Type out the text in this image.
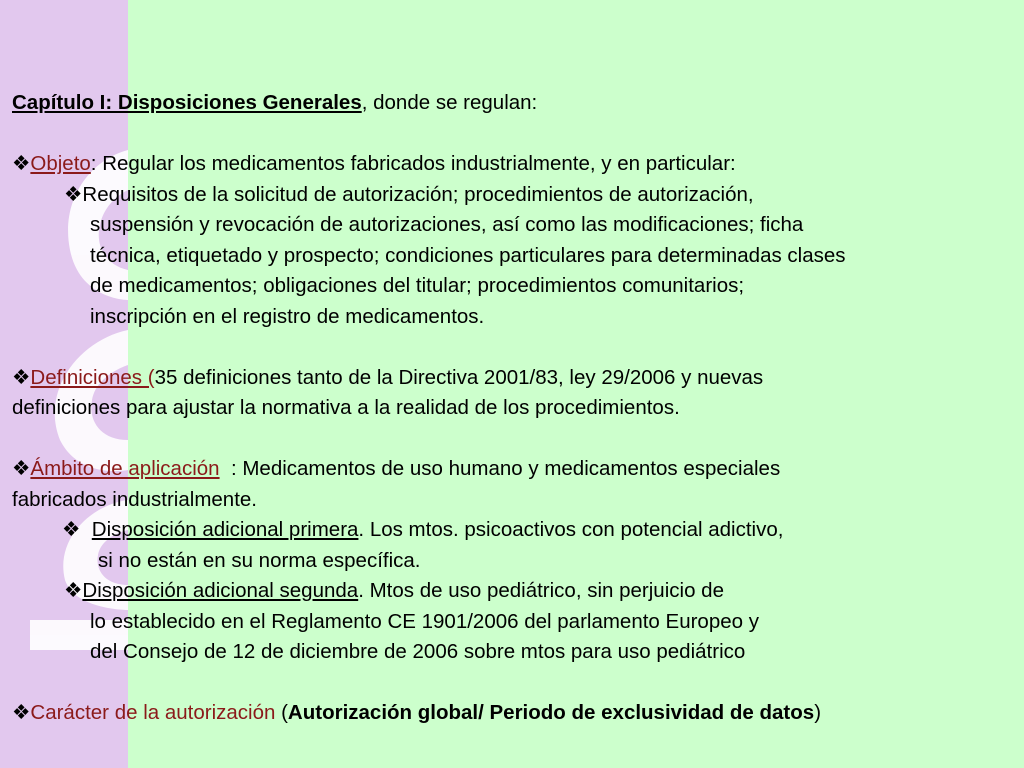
Capítulo I: Disposiciones Generales, donde se regulan:
❖Objeto: Regular los medicamentos fabricados industrialmente, y en particular:
❖Requisitos de la solicitud de autorización; procedimientos de autorización,
suspensión y revocación de autorizaciones, así como las modificaciones; ficha
técnica, etiquetado y prospecto; condiciones particulares para determinadas clases
de medicamentos; obligaciones del titular; procedimientos comunitarios;
inscripción en el registro de medicamentos.
❖Definiciones (35 definiciones tanto de la Directiva 2001/83, ley 29/2006 y nuevas
definiciones para ajustar la normativa a la realidad de los procedimientos.
❖Ámbito de aplicación  : Medicamentos de uso humano y medicamentos especiales
fabricados industrialmente.
❖ Disposición adicional primera. Los mtos. psicoactivos con potencial adictivo,
si no están en su norma específica.
❖Disposición adicional segunda. Mtos de uso pediátrico, sin perjuicio de
lo establecido en el Reglamento CE 1901/2006 del parlamento Europeo y
del Consejo de 12 de diciembre de 2006 sobre mtos para uso pediátrico
❖Carácter de la autorización (Autorización global/ Periodo de exclusividad de datos)
